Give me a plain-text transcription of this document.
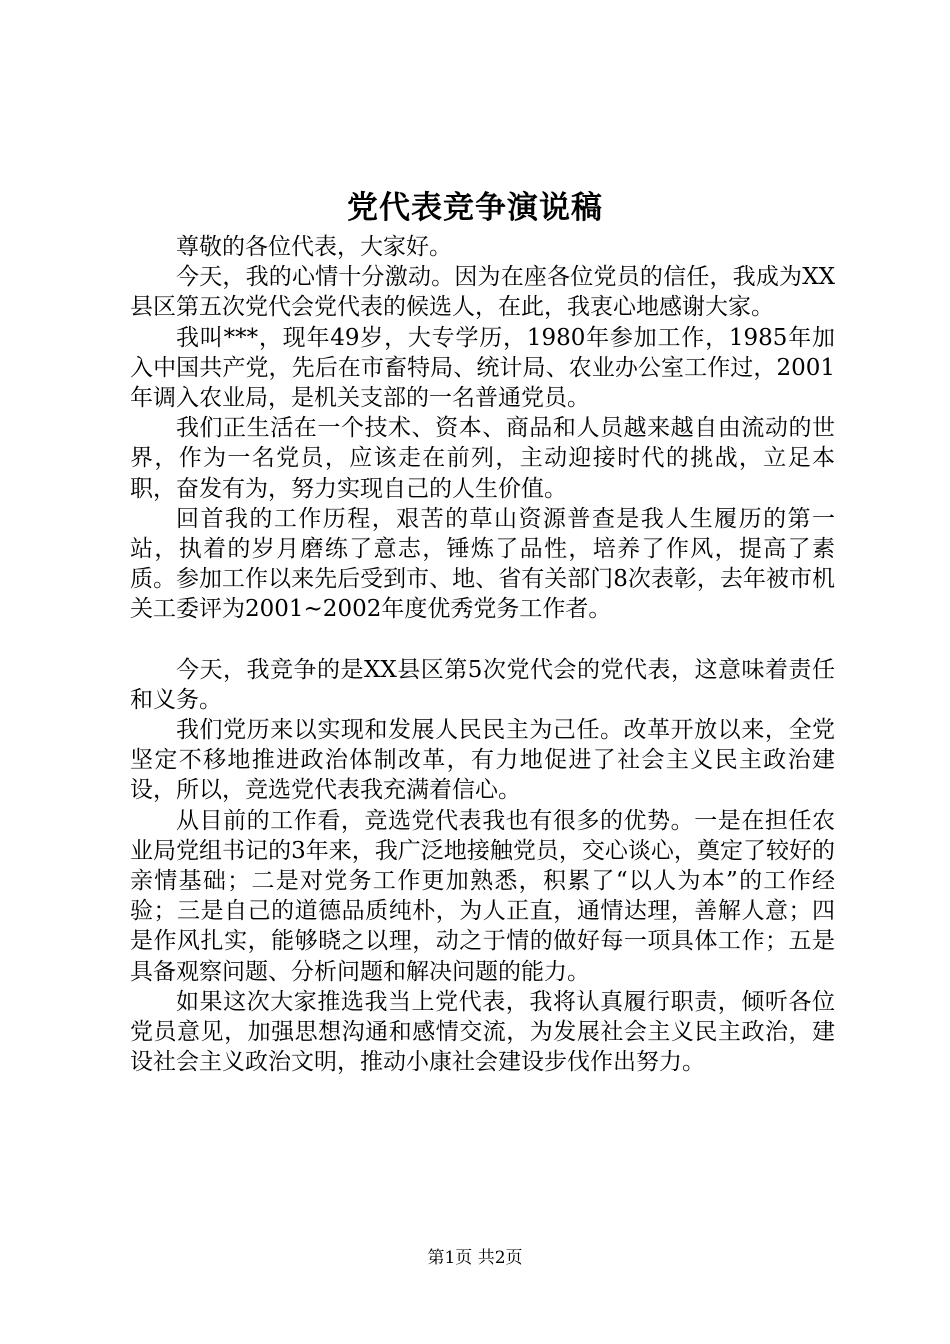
党代表竞争演说稿

尊敬的各位代表，大家好。

今天，我的心情十分激动。因为在座各位党员的信任，我成为XX县区第五次党代会党代表的候选人，在此，我衷心地感谢大家。

我叫***，现年49岁，大专学历，1980年参加工作，1985年加入中国共产党，先后在市畜特局、统计局、农业办公室工作过，2001年调入农业局，是机关支部的一名普通党员。

我们正生活在一个技术、资本、商品和人员越来越自由流动的世界，作为一名党员，应该走在前列，主动迎接时代的挑战，立足本职，奋发有为，努力实现自己的人生价值。

回首我的工作历程，艰苦的草山资源普查是我人生履历的第一站，执着的岁月磨练了意志，锤炼了品性，培养了作风，提高了素质。参加工作以来先后受到市、地、省有关部门8次表彰，去年被市机关工委评为2001~2002年度优秀党务工作者。

今天，我竞争的是XX县区第5次党代会的党代表，这意味着责任和义务。

我们党历来以实现和发展人民民主为己任。改革开放以来，全党坚定不移地推进政治体制改革，有力地促进了社会主义民主政治建设，所以，竞选党代表我充满着信心。

从目前的工作看，竞选党代表我也有很多的优势。一是在担任农业局党组书记的3年来，我广泛地接触党员，交心谈心，奠定了较好的亲情基础；二是对党务工作更加熟悉，积累了“以人为本”的工作经验；三是自己的道德品质纯朴，为人正直，通情达理，善解人意；四是作风扎实，能够晓之以理，动之于情的做好每一项具体工作；五是具备观察问题、分析问题和解决问题的能力。

如果这次大家推选我当上党代表，我将认真履行职责，倾听各位党员意见，加强思想沟通和感情交流，为发展社会主义民主政治，建设社会主义政治文明，推动小康社会建设步伐作出努力。

第1页 共2页
